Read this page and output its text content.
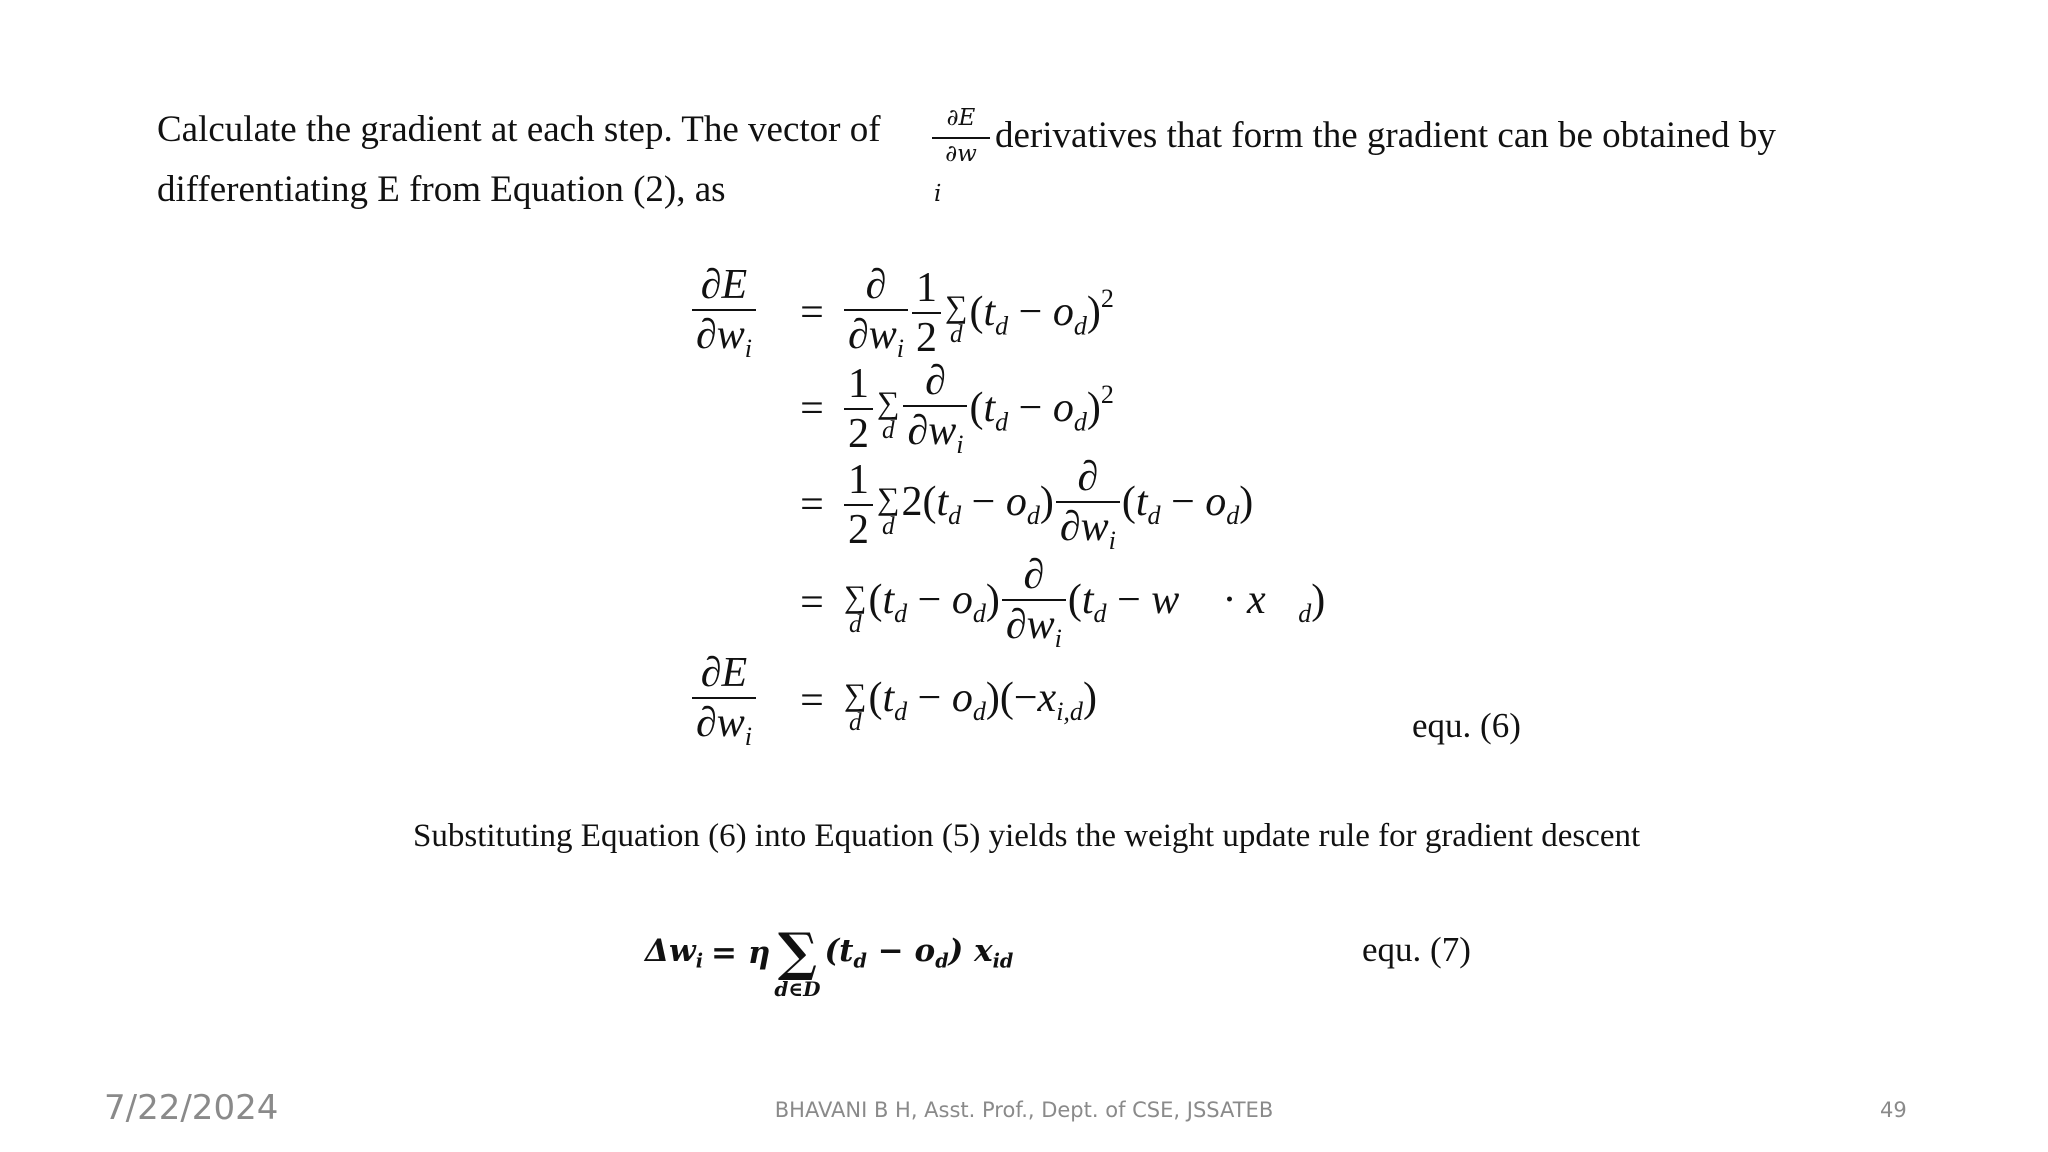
Calculate the gradient at each step. The vector of	∂E
∂w
i
derivatives that form the gradient can be obtained by
differentiating E from Equation (2), as
$\frac{\partial E}{\partial w_i}$	= $\frac{\partial}{\partial w_i} \frac{1}{2}$ ∑
d $(t_d - o_d)^2$
= $\frac{1}{2}$ ∑
d $\frac{\partial}{\partial w_i} (t_d - o_d)^2$
= $\frac{1}{2}$ ∑
d
$2(t_d - o_d) \frac{\partial}{\partial w_i} (t_d - o_d)$
= ∑
d
$(t_d - o_d) \frac{\partial}{\partial w_i} (t_d$ − w⃗ · $x⃗_d$)
$\frac{\partial E}{\partial w_i}$	= ∑
d
$(t_d - o_d)(-x_{i,d})$
equ. (6)
Substituting Equation (6) into Equation (5) yields the weight update rule for gradient descent
$\Delta w_i = \eta$ ∑
d∈D
$(t_d - o_d)$ $x_{id}$	equ. (7)
7/22/2024	BHAVANI B H, Asst. Prof., Dept. of CSE, JSSATEB	49
